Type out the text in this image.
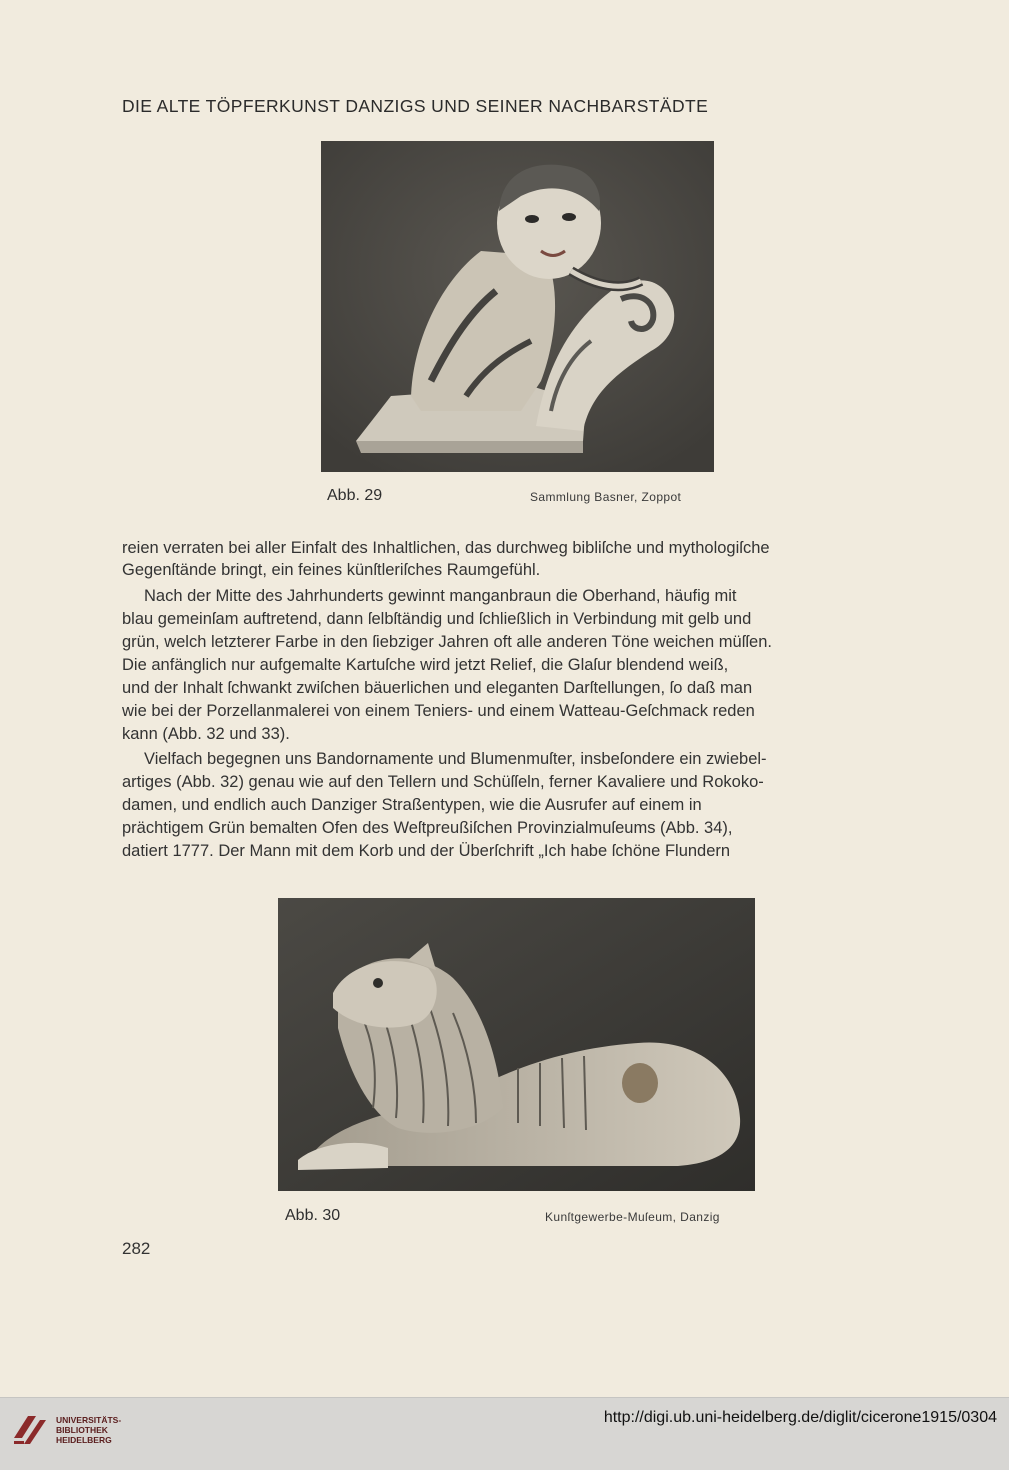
DIE ALTE TÖPFERKUNST DANZIGS UND SEINER NACHBARSTÄDTE
Abb. 29	Sammlung Basner, Zoppot
reien verraten bei aller Einfalt des Inhaltlichen, das durchweg bibliſche und mythologiſche
Gegenſtände bringt, ein feines künſtleriſches Raumgefühl.
Nach der Mitte des Jahrhunderts gewinnt manganbraun die Oberhand, häufig mit
blau gemeinſam auftretend, dann ſelbſtändig und ſchließlich in Verbindung mit gelb und
grün, welch letzterer Farbe in den ſiebziger Jahren oft alle anderen Töne weichen müſſen.
Die anfänglich nur aufgemalte Kartuſche wird jetzt Relief, die Glaſur blendend weiß,
und der Inhalt ſchwankt zwiſchen bäuerlichen und eleganten Darſtellungen, ſo daß man
wie bei der Porzellanmalerei von einem Teniers- und einem Watteau-Geſchmack reden
kann (Abb. 32 und 33).
Vielfach begegnen uns Bandornamente und Blumenmuſter, insbeſondere ein zwiebel-
artiges (Abb. 32) genau wie auf den Tellern und Schüſſeln, ferner Kavaliere und Rokoko-
damen, und endlich auch Danziger Straßentypen, wie die Ausrufer auf einem in
prächtigem Grün bemalten Ofen des Weſtpreußiſchen Provinzialmuſeums (Abb. 34),
datiert 1777. Der Mann mit dem Korb und der Überſchrift „Ich habe ſchöne Flundern
Abb. 30	Kunſtgewerbe-Muſeum, Danzig
282
UNIVERSITÄTS-
BIBLIOTHEK
HEIDELBERG
http://digi.ub.uni-heidelberg.de/diglit/cicerone1915/0304
